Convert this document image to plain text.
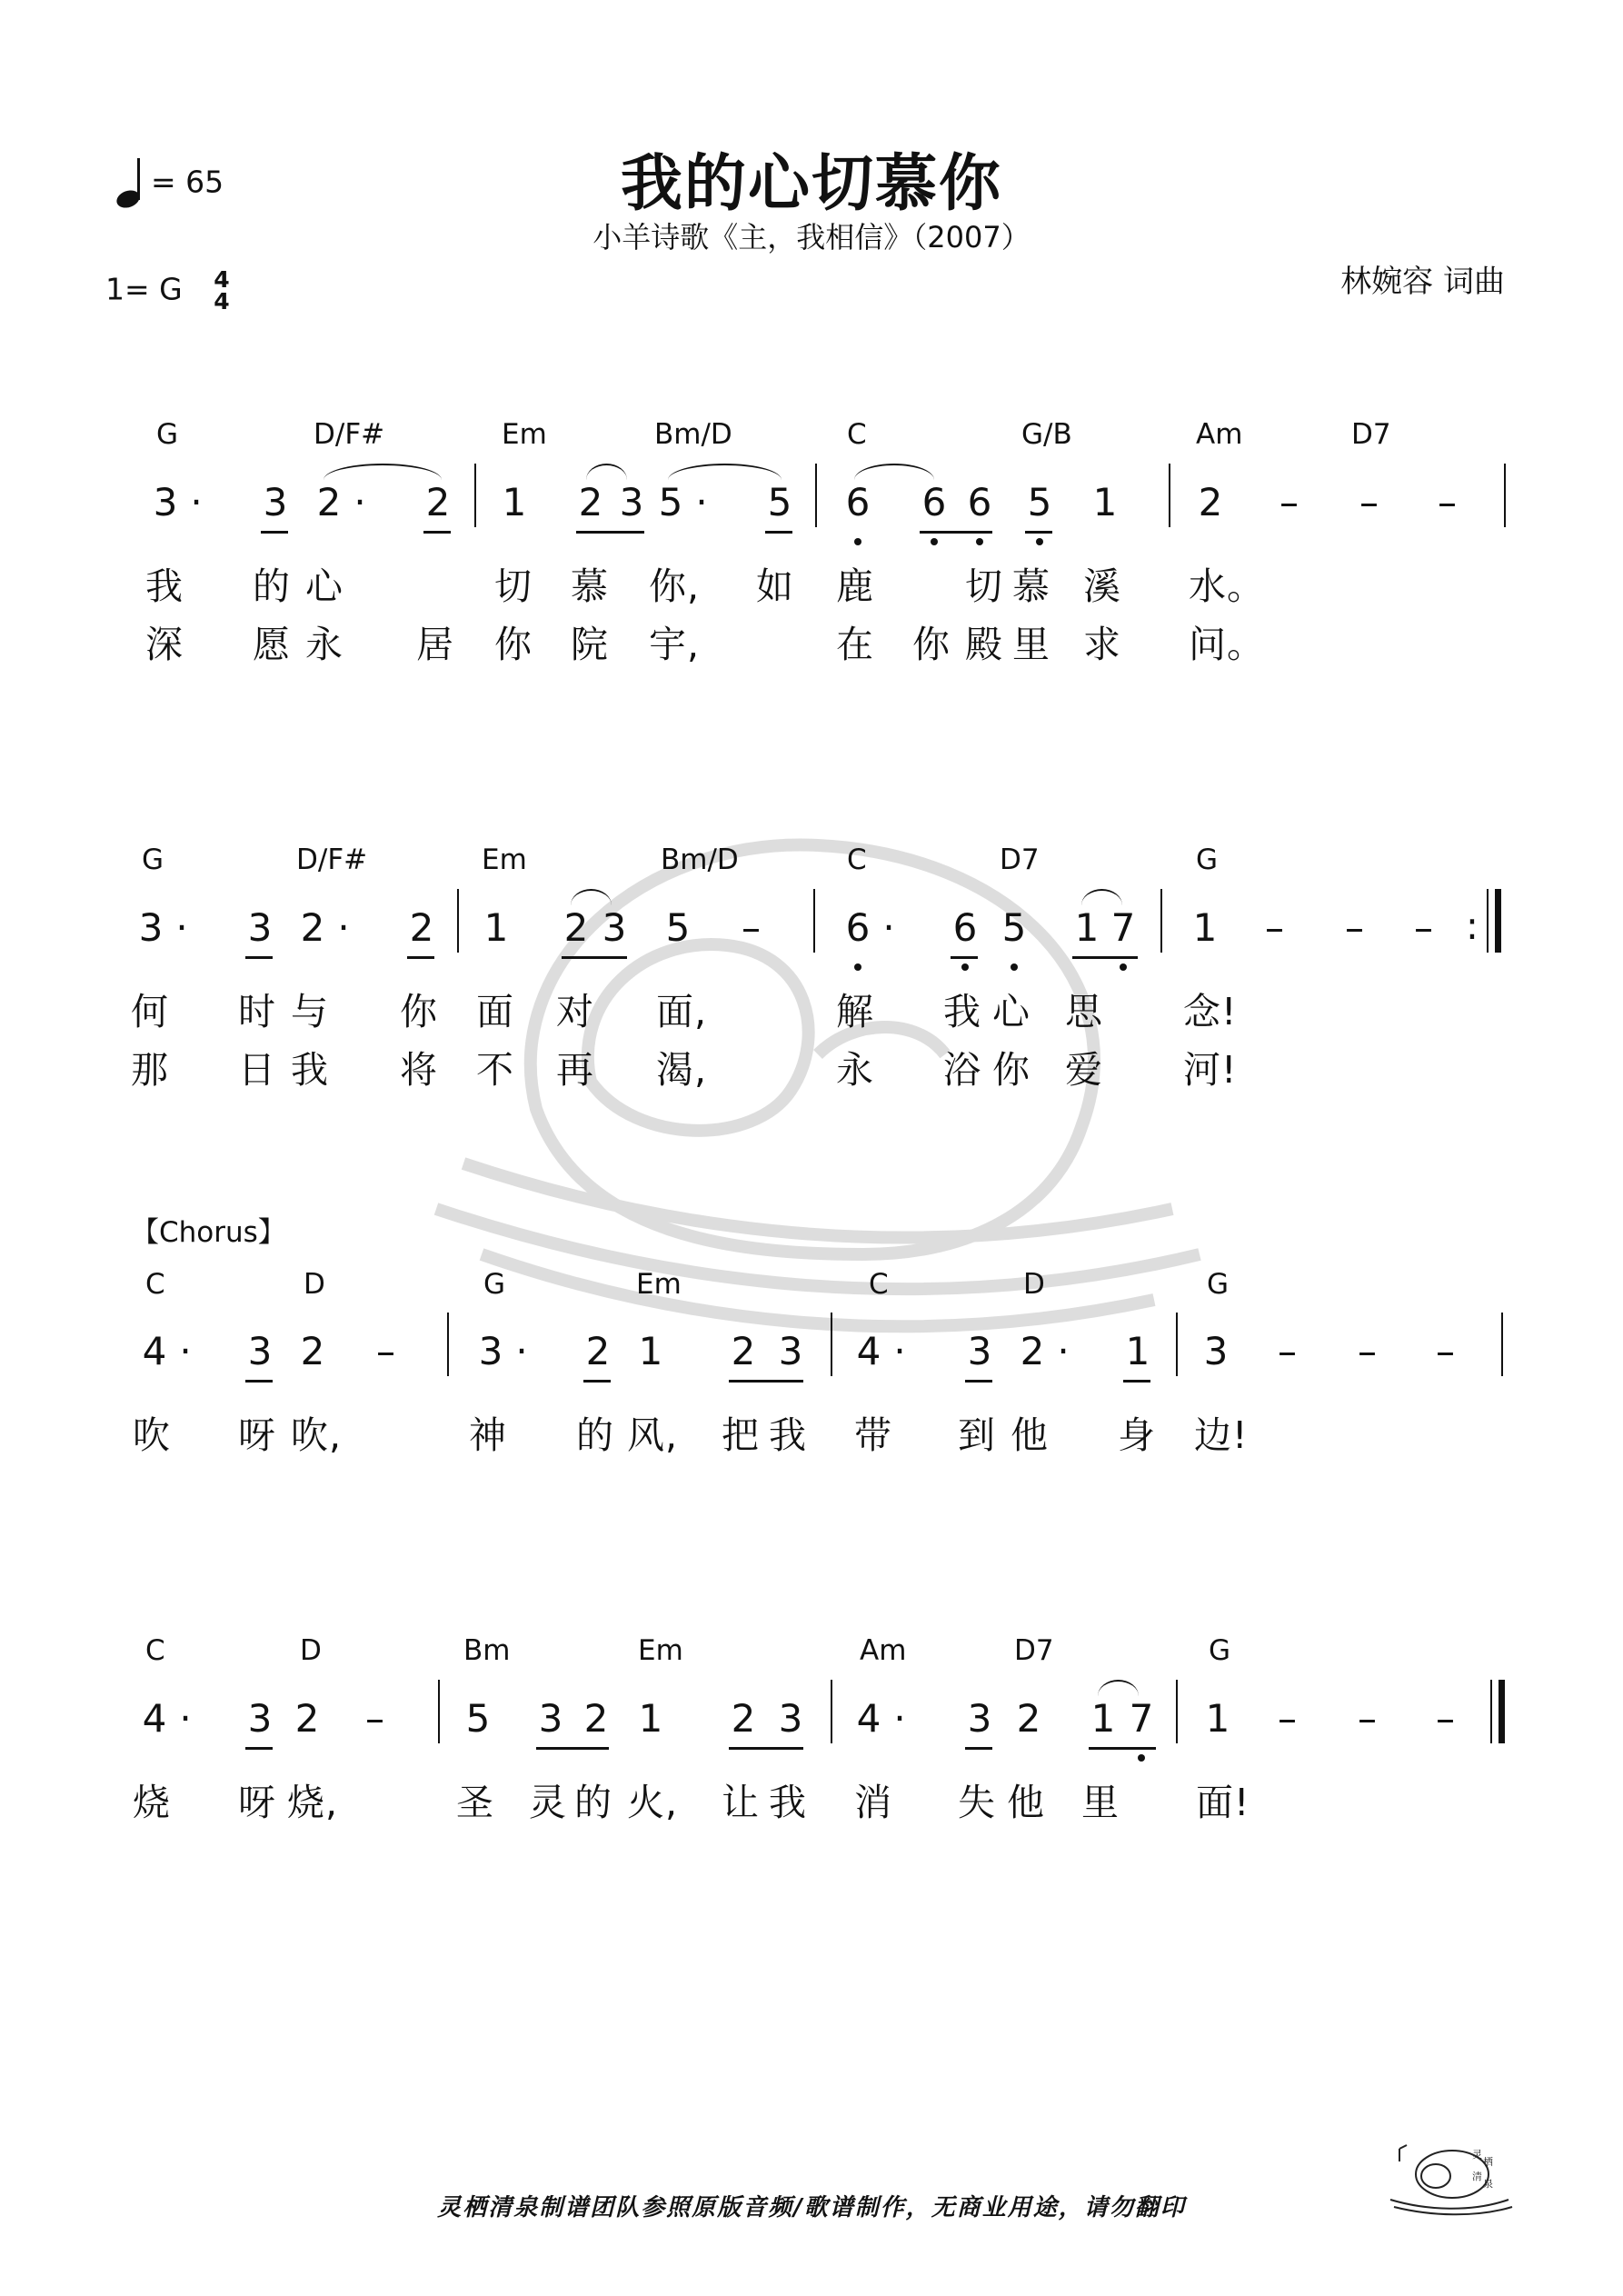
我的心切慕你
小羊诗歌《主，我相信》（2007）
林婉容 词曲
= 65
1= G 4
4
G	D/F#	Em	Bm/D	C	G/B	Am	D7
3 ·	3 2 ·	2 1 2 3 5 ·	5 6 6 6 5 1 2 – – –
我 的 心	切 慕 你, 如 鹿 切 慕 溪 水。
深 愿 永 居 你 院 宇,	在 你 殿 里 求 问。
G	D/F#	Em	Bm/D	C	D7	G
3 ·	3 2 ·	2 1 2 3 5 – 6 ·	6 5 1 7 1 – – – :
何 时 与 你 面 对 面,	解 我 心 思 念!
那 日 我 将 不 再 渴,	永 浴 你 爱 河!
【Chorus】
C	D	G	Em	C	D	G
4 ·	3 2 – 3 ·	2 1 2 3 4 ·	3 2 ·	1 3 – – –
吹 呀 吹,	神 的 风, 把 我 带 到 他 身 边!
C	D	Bm	Em	Am	D7	G
4 ·	3 2 – 5 3 2 1 2 3 4 ·	3 2 1 7 1 – – –
烧 呀 烧,	圣 灵 的 火, 让 我 消 失 他 里 面!
灵栖清泉制谱团队参照原版音频/歌谱制作，无商业用途，请勿翻印
灵
栖
清
泉
